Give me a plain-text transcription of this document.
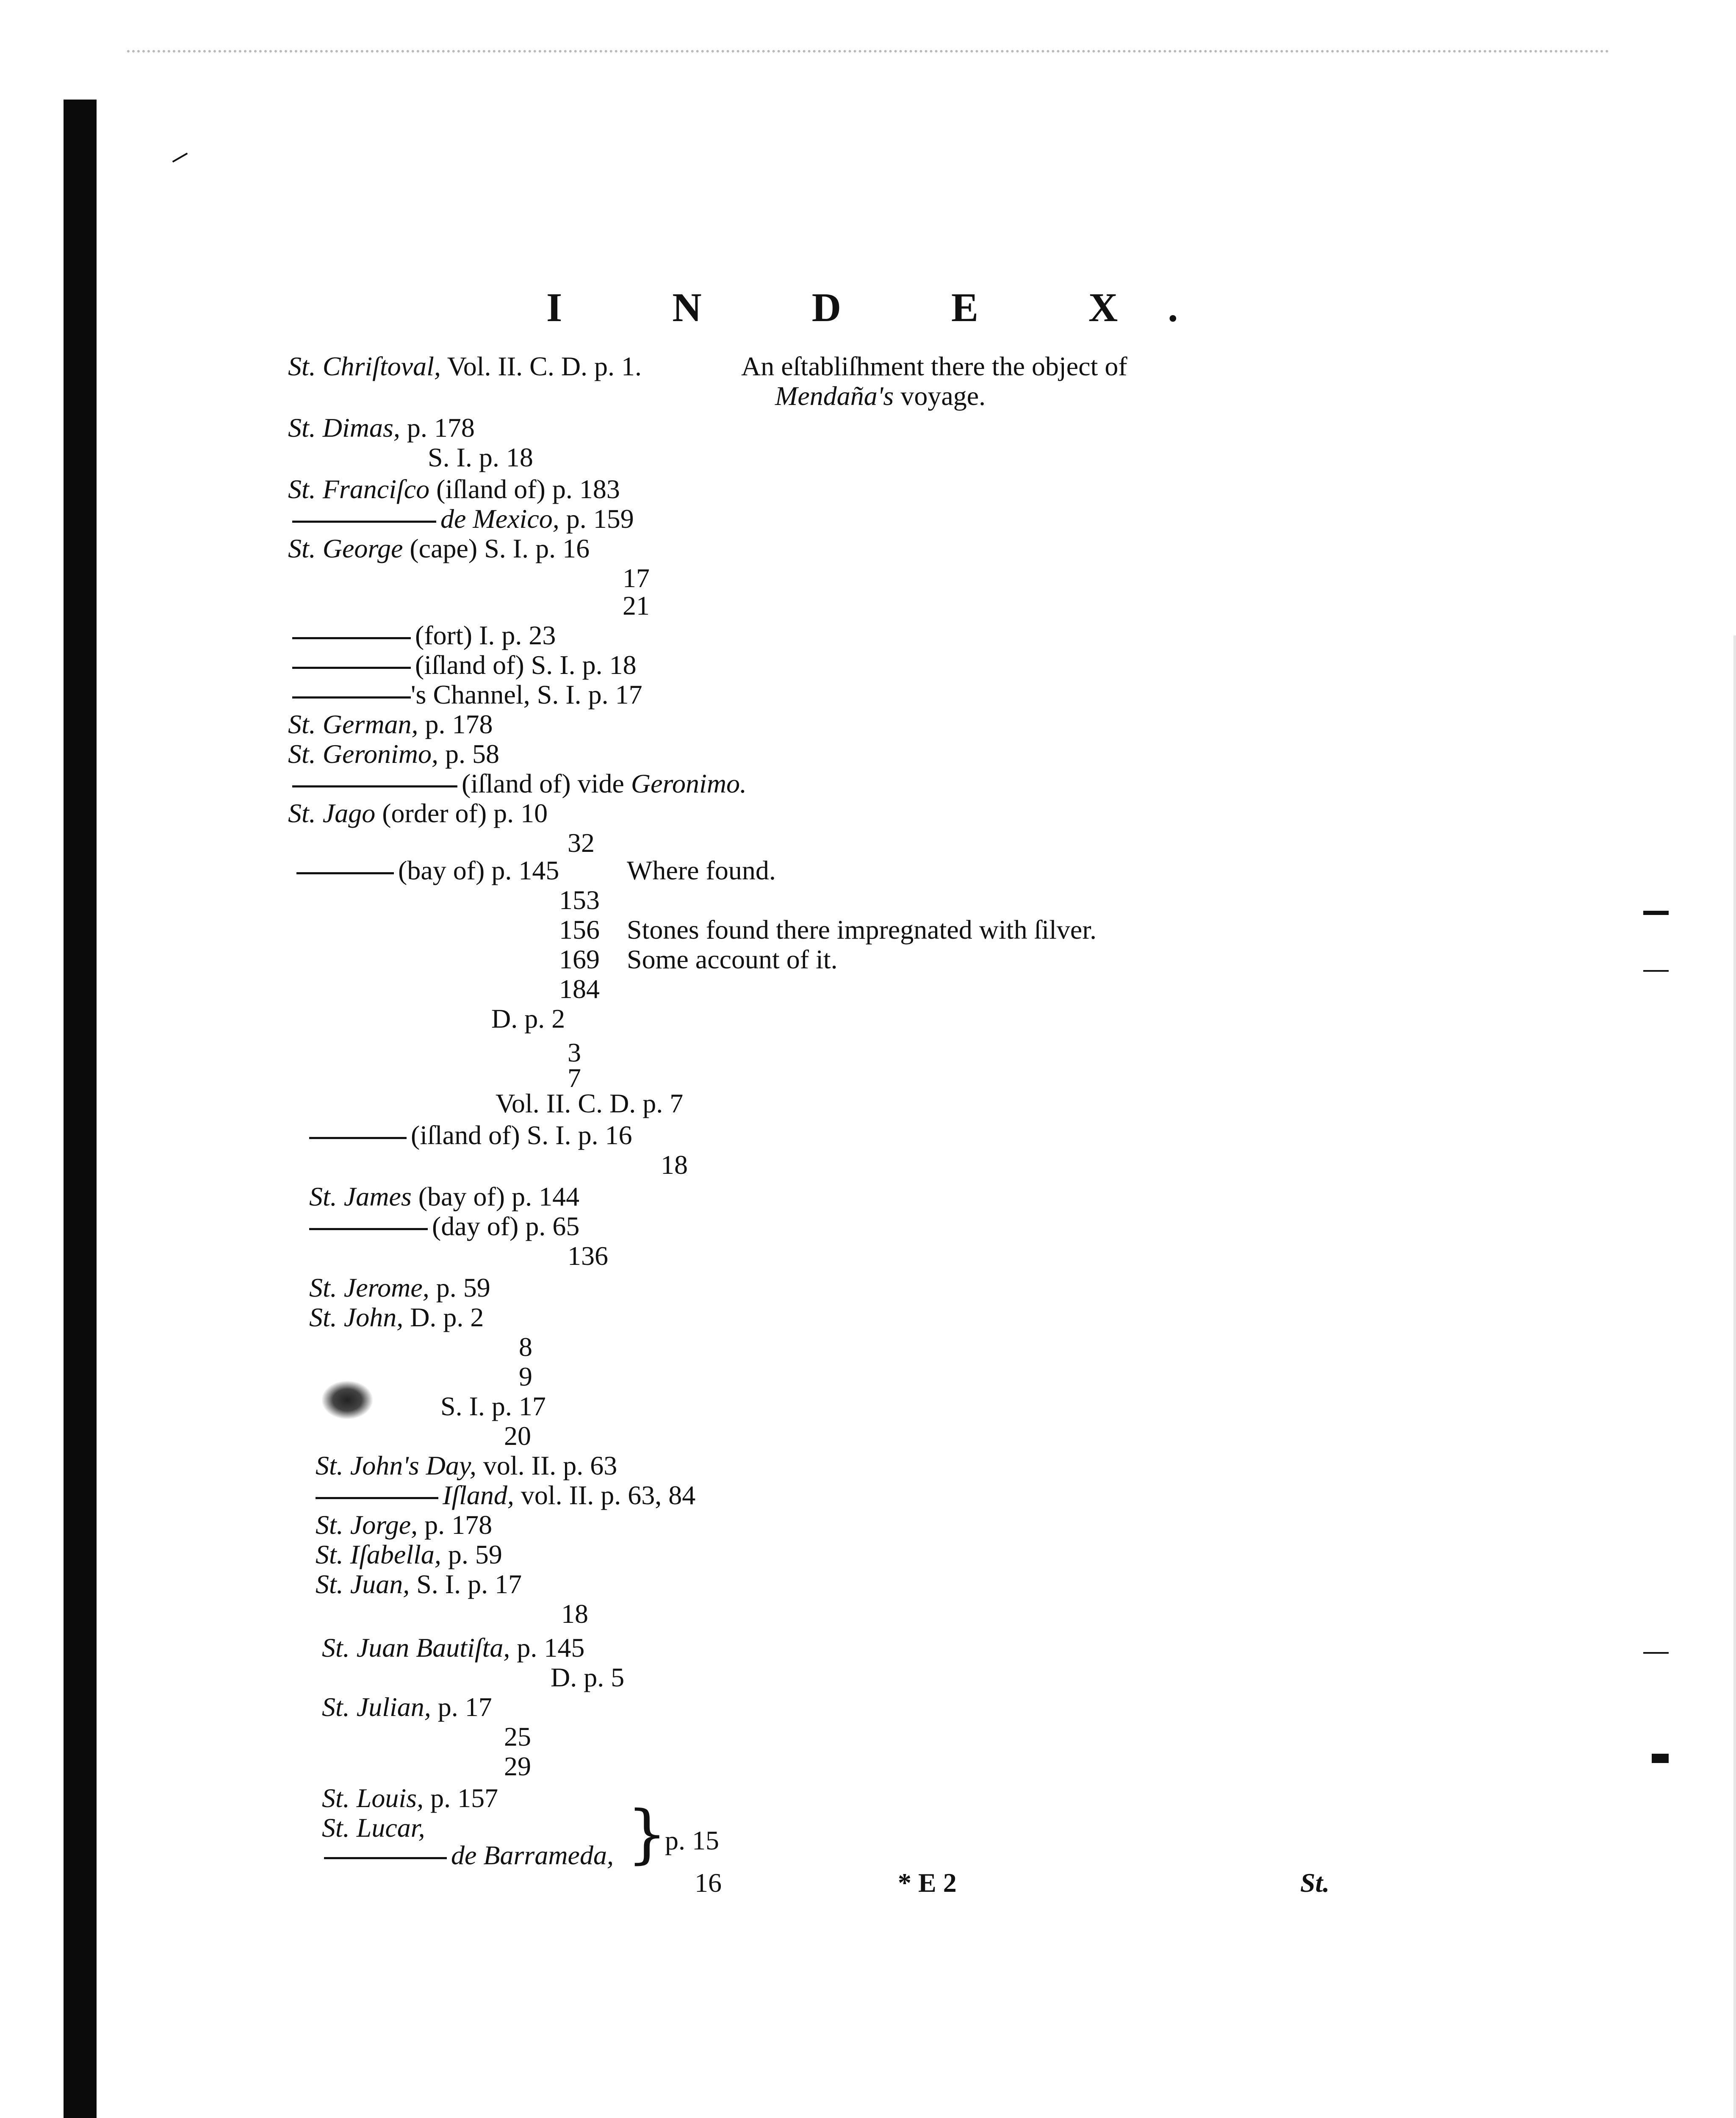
I N D E X.
St. Chriſtoval, Vol. II. C. D. p. 1.	An eſtabliſhment there the object of
Mendaña's voyage.
St. Dimas, p. 178
S. I. p. 18
St. Franciſco (iſland of) p. 183
de Mexico, p. 159
St. George (cape) S. I. p. 16
17
21
(fort) I. p. 23
(iſland of) S. I. p. 18
's Channel, S. I. p. 17
St. German, p. 178
St. Geronimo, p. 58
(iſland of) vide Geronimo.
St. Jago (order of) p. 10
32
(bay of) p. 145 Where found.
153
156 Stones found there impregnated with ſilver.
169 Some account of it.
184
D. p. 2
3
7
Vol. II. C. D. p. 7
(iſland of) S. I. p. 16
18
St. James (bay of) p. 144
(day of) p. 65
136
St. Jerome, p. 59
St. John, D. p. 2
8
9
S. I. p. 17
20
St. John's Day, vol. II. p. 63
Iſland, vol. II. p. 63, 84
St. Jorge, p. 178
St. Iſabella, p. 59
St. Juan, S. I. p. 17
18
St. Juan Bautiſta, p. 145
D. p. 5
St. Julian, p. 17
25
29
St. Louis, p. 157
St. Lucar,
de Barrameda, }
p. 15
16	* E 2	St.
